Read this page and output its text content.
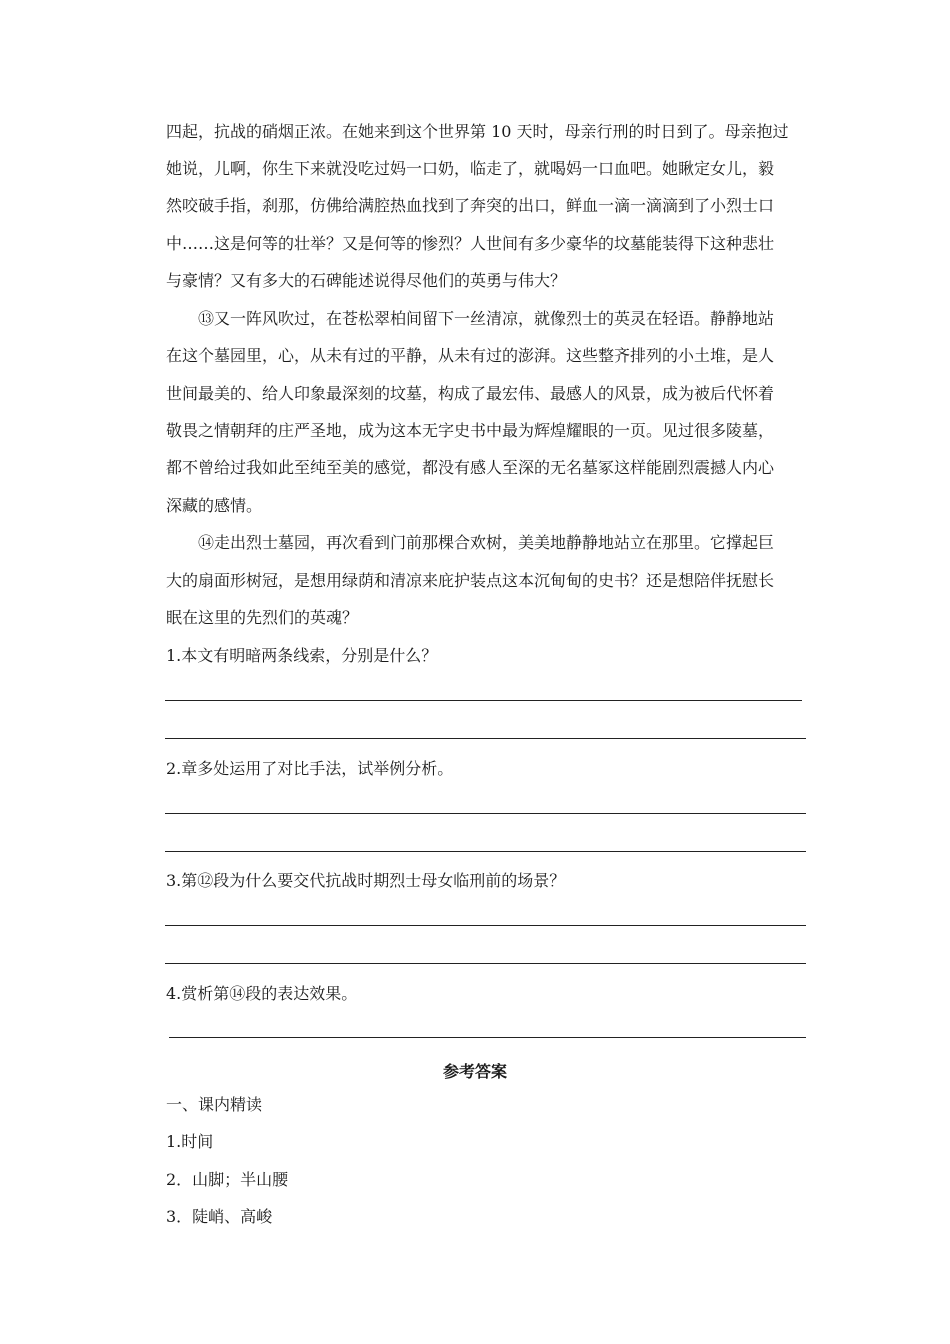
四起，抗战的硝烟正浓。在她来到这个世界第 10 天时，母亲行刑的时日到了。母亲抱过
她说，儿啊，你生下来就没吃过妈一口奶，临走了，就喝妈一口血吧。她瞅定女儿，毅
然咬破手指，刹那，仿佛给满腔热血找到了奔突的出口，鲜血一滴一滴滴到了小烈士口
中……这是何等的壮举？又是何等的惨烈？人世间有多少豪华的坟墓能装得下这种悲壮
与豪情？又有多大的石碑能述说得尽他们的英勇与伟大？
⑬又一阵风吹过，在苍松翠柏间留下一丝清凉，就像烈士的英灵在轻语。静静地站
在这个墓园里，心，从未有过的平静，从未有过的澎湃。这些整齐排列的小土堆，是人
世间最美的、给人印象最深刻的坟墓，构成了最宏伟、最感人的风景，成为被后代怀着
敬畏之情朝拜的庄严圣地，成为这本无字史书中最为辉煌耀眼的一页。见过很多陵墓，
都不曾给过我如此至纯至美的感觉，都没有感人至深的无名墓冢这样能剧烈震撼人内心
深藏的感情。
⑭走出烈士墓园，再次看到门前那棵合欢树，美美地静静地站立在那里。它撑起巨
大的扇面形树冠，是想用绿荫和清凉来庇护装点这本沉甸甸的史书？还是想陪伴抚慰长
眠在这里的先烈们的英魂？
1.本文有明暗两条线索，分别是什么？
2.章多处运用了对比手法，试举例分析。
3.第⑫段为什么要交代抗战时期烈士母女临刑前的场景？
4.赏析第⑭段的表达效果。
参考答案
一、课内精读
1.时间
2．山脚；半山腰
3．陡峭、高峻
